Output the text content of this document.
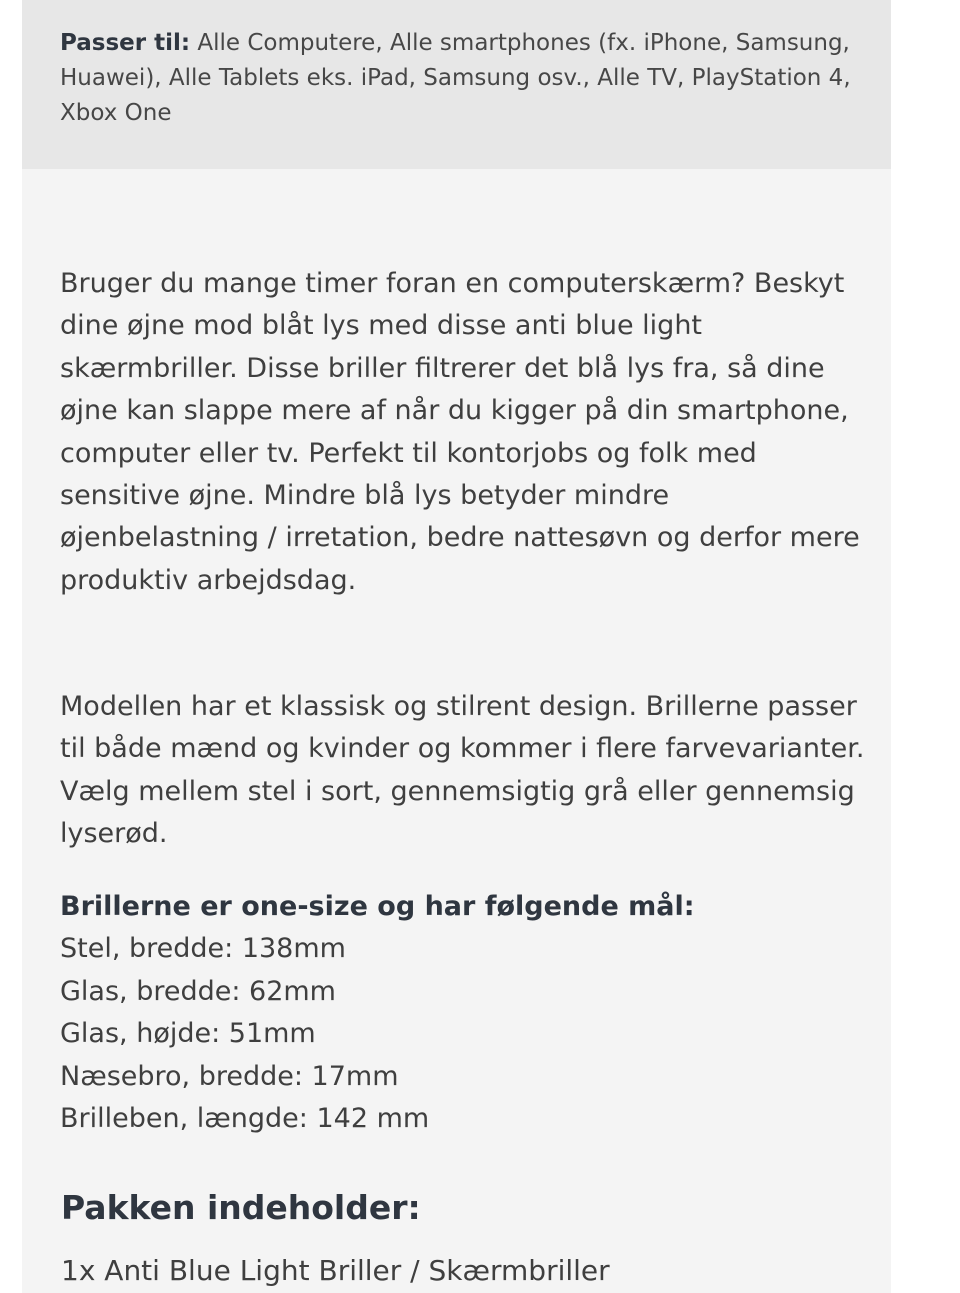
Passer til: Alle Computere, Alle smartphones (fx. iPhone, Samsung, Huawei), Alle Tablets eks. iPad, Samsung osv., Alle TV, PlayStation 4, Xbox One

Bruger du mange timer foran en computerskærm? Beskyt dine øjne mod blåt lys med disse anti blue light skærmbriller. Disse briller filtrerer det blå lys fra, så dine øjne kan slappe mere af når du kigger på din smartphone, computer eller tv. Perfekt til kontorjobs og folk med sensitive øjne. Mindre blå lys betyder mindre øjenbelastning / irretation, bedre nattesøvn og derfor mere produktiv arbejdsdag.

Modellen har et klassisk og stilrent design. Brillerne passer til både mænd og kvinder og kommer i flere farvevarianter. Vælg mellem stel i sort, gennemsigtig grå eller gennemsig lyserød.

Brillerne er one-size og har følgende mål:
Stel, bredde: 138mm
Glas, bredde: 62mm
Glas, højde: 51mm
Næsebro, bredde: 17mm
Brilleben, længde: 142 mm
Pakken indeholder:
1x Anti Blue Light Briller / Skærmbriller
